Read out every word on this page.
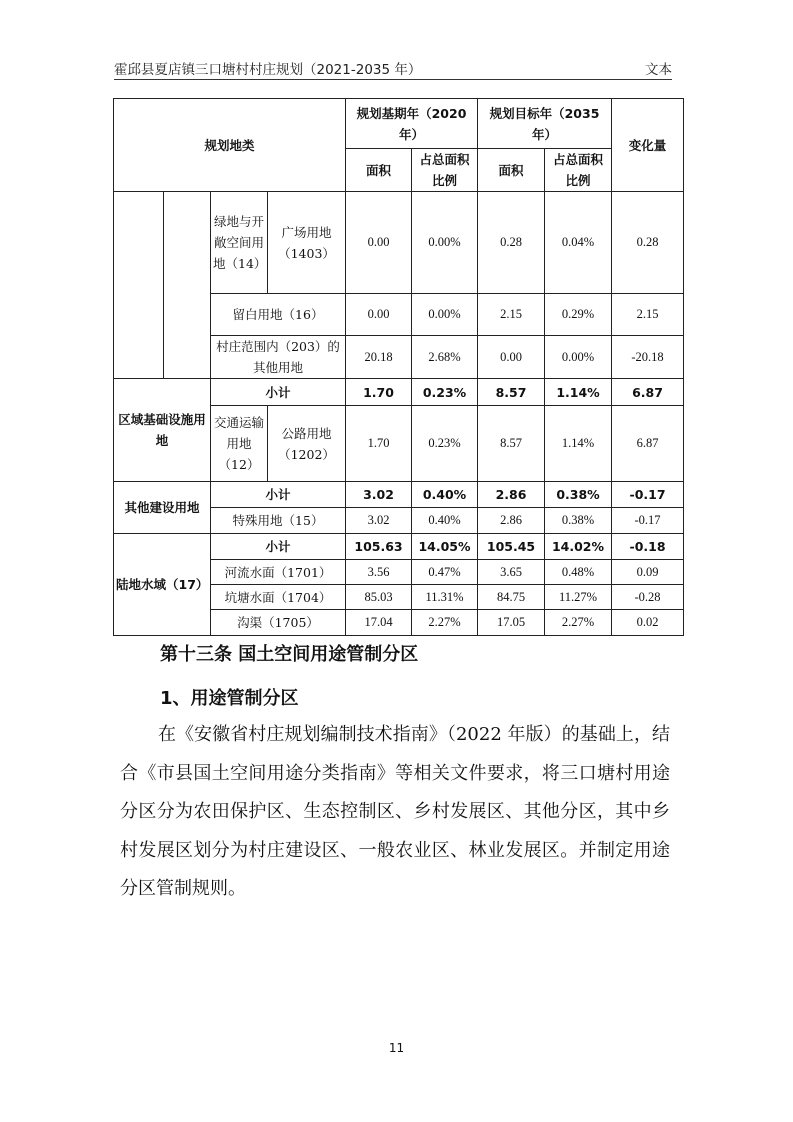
霍邱县夏店镇三口塘村村庄规划（2021-2035 年）	文本
规划地类				规划基期年（2020 年）		规划目标年（2035 年）		变化量
				面积	占总面积比例	面积	占总面积比例	
		绿地与开敞空间用地（14）	广场用地（1403）	0.00	0.00%	0.28	0.04%	0.28
		留白用地（16）		0.00	0.00%	2.15	0.29%	2.15
		村庄范围内（203）的其他用地		20.18	2.68%	0.00	0.00%	-20.18
区域基础设施用地		小计		1.70	0.23%	8.57	1.14%	6.87
		交通运输用地（12）	公路用地（1202）	1.70	0.23%	8.57	1.14%	6.87
其他建设用地		小计		3.02	0.40%	2.86	0.38%	-0.17
		特殊用地（15）		3.02	0.40%	2.86	0.38%	-0.17
陆地水域（17）		小计		105.63	14.05%	105.45	14.02%	-0.18
		河流水面（1701）		3.56	0.47%	3.65	0.48%	0.09
		坑塘水面（1704）		85.03	11.31%	84.75	11.27%	-0.28
		沟渠（1705）		17.04	2.27%	17.05	2.27%	0.02
第十三条 国土空间用途管制分区
1、用途管制分区
在《安徽省村庄规划编制技术指南》（2022 年版）的基础上，结合《市县国土空间用途分类指南》等相关文件要求，将三口塘村用途分区分为农田保护区、生态控制区、乡村发展区、其他分区，其中乡村发展区划分为村庄建设区、一般农业区、林业发展区。并制定用途分区管制规则。
11
